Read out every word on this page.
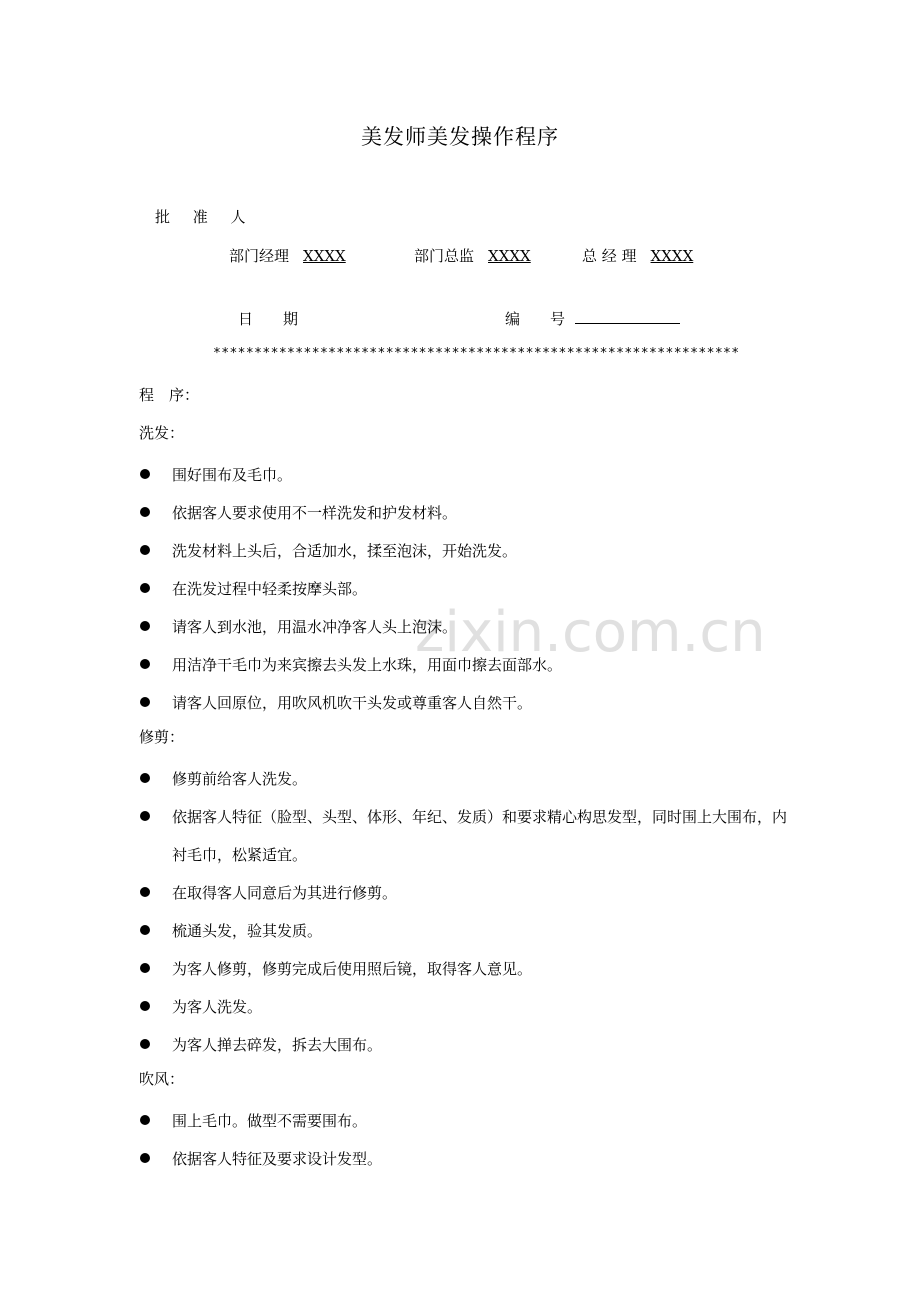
美发师美发操作程序
批 准 人
部门经理 XXXX	部门总监 XXXX	总 经 理 XXXX
日　　期	编　　号
****************************************************************
zixin.com.cn
程　序：
洗发：
围好围布及毛巾。
依据客人要求使用不一样洗发和护发材料。
洗发材料上头后，合适加水，揉至泡沫，开始洗发。
在洗发过程中轻柔按摩头部。
请客人到水池，用温水冲净客人头上泡沫。
用洁净干毛巾为来宾擦去头发上水珠，用面巾擦去面部水。
请客人回原位，用吹风机吹干头发或尊重客人自然干。
修剪：
修剪前给客人洗发。
依据客人特征（脸型、头型、体形、年纪、发质）和要求精心构思发型，同时围上大围布，内衬毛巾，松紧适宜。
在取得客人同意后为其进行修剪。
梳通头发，验其发质。
为客人修剪，修剪完成后使用照后镜，取得客人意见。
为客人洗发。
为客人掸去碎发，拆去大围布。
吹风：
围上毛巾。做型不需要围布。
依据客人特征及要求设计发型。
